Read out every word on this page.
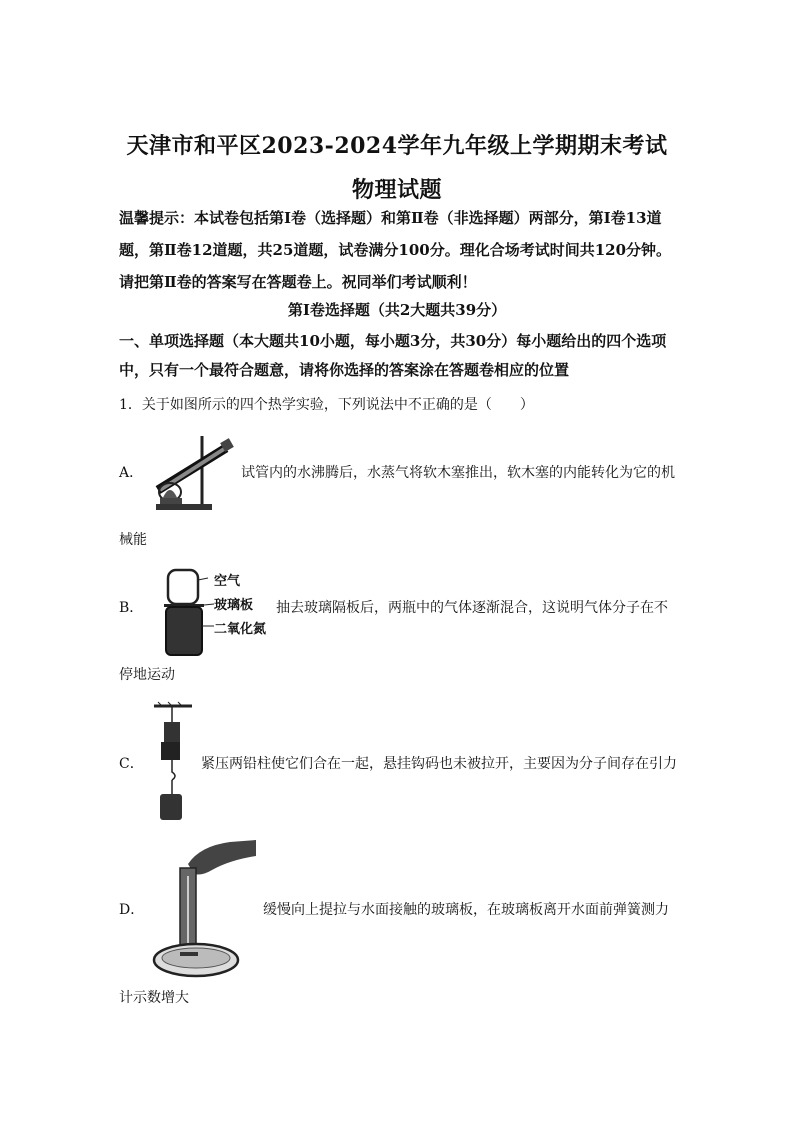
天津市和平区2023-2024学年九年级上学期期末考试物理试题
温馨提示：本试卷包括第Ⅰ卷（选择题）和第Ⅱ卷（非选择题）两部分，第Ⅰ卷13道题，第Ⅱ卷12道题，共25道题，试卷满分100分。理化合场考试时间共120分钟。请把第Ⅱ卷的答案写在答题卷上。祝同举们考试顺利！
第Ⅰ卷选择题（共2大题共39分）
一、单项选择题（本大题共10小题，每小题3分，共30分）每小题给出的四个选项中，只有一个最符合题意，请将你选择的答案涂在答题卷相应的位置
1．关于如图所示的四个热学实验，下列说法中不正确的是（　　）
A．	试管内的水沸腾后，水蒸气将软木塞推出，软木塞的内能转化为它的机
械能
B．
空气
玻璃板
二氧化氮
抽去玻璃隔板后，两瓶中的气体逐渐混合，这说明气体分子在不
停地运动
C．	紧压两铅柱使它们合在一起，悬挂钩码也未被拉开，主要因为分子间存在引力
D．	缓慢向上提拉与水面接触的玻璃板，在玻璃板离开水面前弹簧测力
计示数增大
